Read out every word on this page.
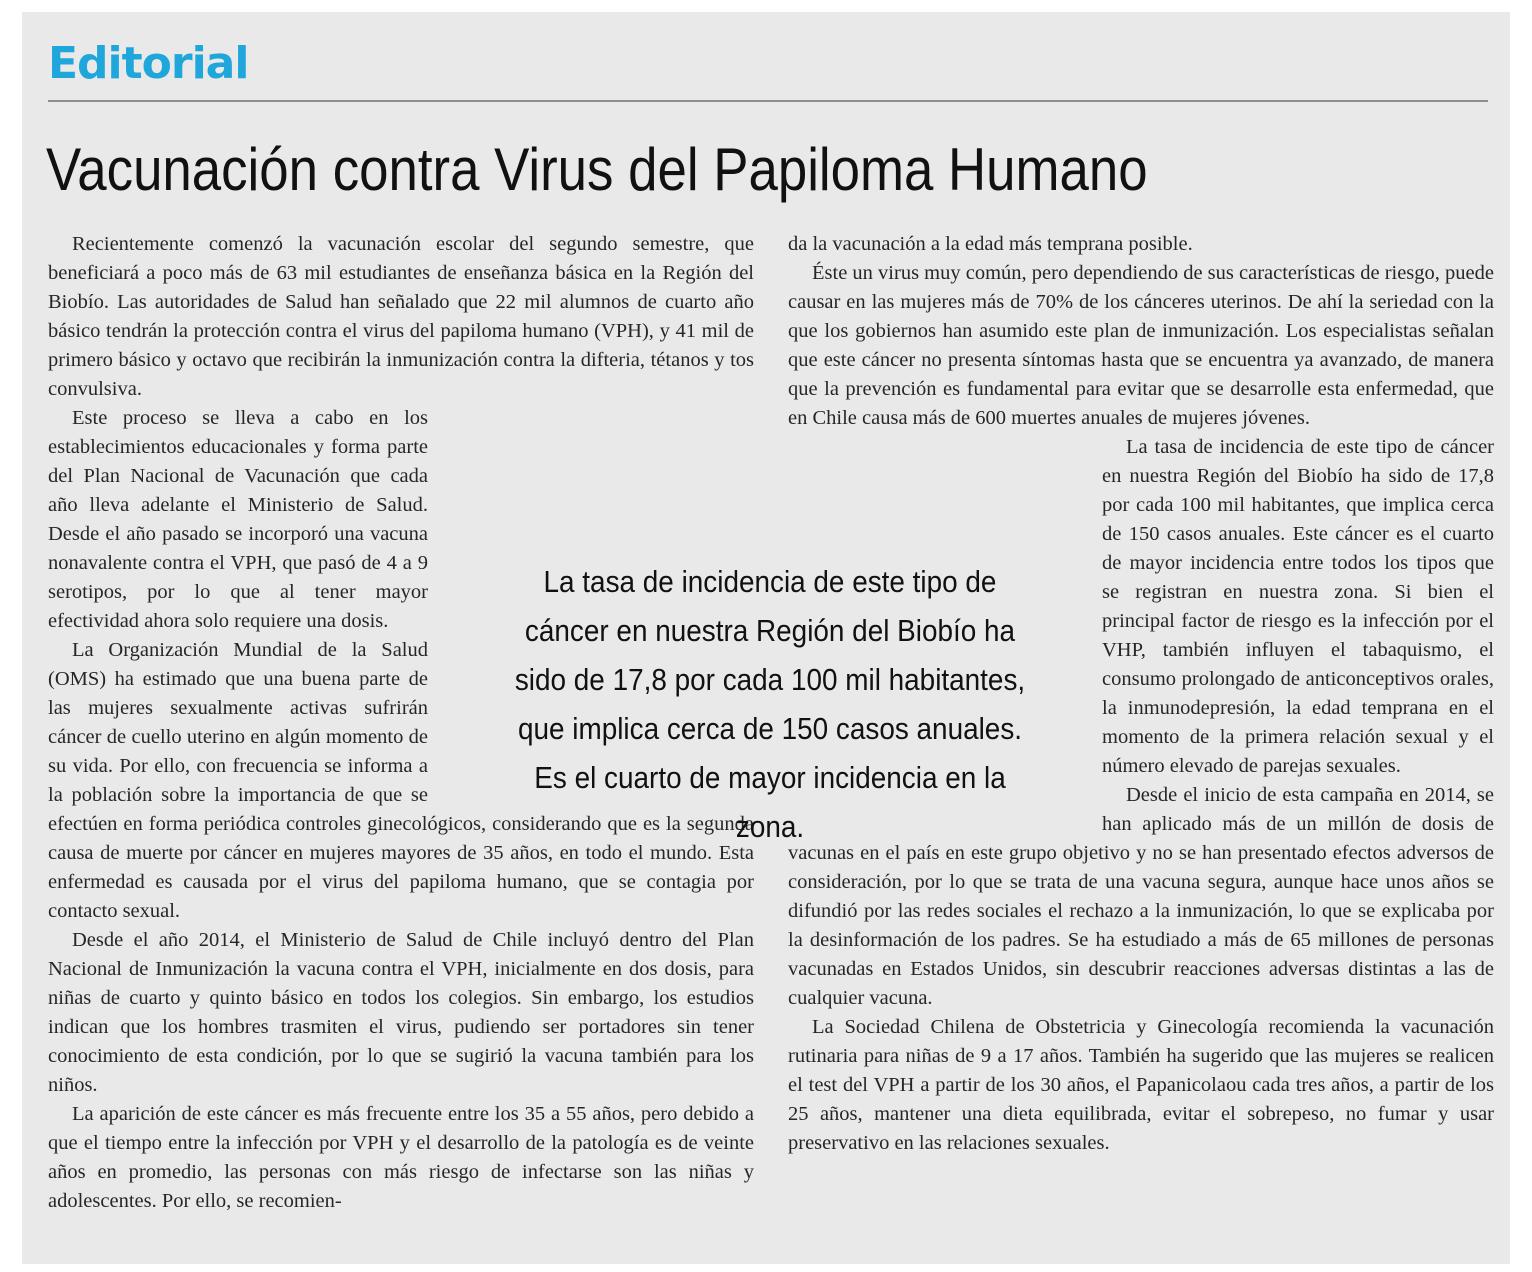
Editorial
Vacunación contra Virus del Papiloma Humano

Recientemente comenzó la vacunación escolar del segundo semestre, que beneficiará a poco más de 63 mil estudiantes de enseñanza básica en la Región del Biobío. Las autoridades de Salud han señalado que 22 mil alumnos de cuarto año básico tendrán la protección contra el virus del papiloma humano (VPH), y 41 mil de primero básico y octavo que recibirán la inmunización contra la difteria, tétanos y tos convulsiva.

Este proceso se lleva a cabo en los establecimientos educacionales y forma parte del Plan Nacional de Vacunación que cada año lleva adelante el Ministerio de Salud. Desde el año pasado se incorporó una vacuna nonavalente contra el VPH, que pasó de 4 a 9 serotipos, por lo que al tener mayor efectividad ahora solo requiere una dosis.

La Organización Mundial de la Salud (OMS) ha estimado que una buena parte de las mujeres sexualmente activas sufrirán cáncer de cuello uterino en algún momento de su vida. Por ello, con frecuencia se informa a la población sobre la importancia de que se efectúen en forma periódica controles ginecológicos, considerando que es la segunda causa de muerte por cáncer en mujeres mayores de 35 años, en todo el mundo. Esta enfermedad es causada por el virus del papiloma humano, que se contagia por contacto sexual.

Desde el año 2014, el Ministerio de Salud de Chile incluyó dentro del Plan Nacional de Inmunización la vacuna contra el VPH, inicialmente en dos dosis, para niñas de cuarto y quinto básico en todos los colegios. Sin embargo, los estudios indican que los hombres trasmiten el virus, pudiendo ser portadores sin tener conocimiento de esta condición, por lo que se sugirió la vacuna también para los niños.

La aparición de este cáncer es más frecuente entre los 35 a 55 años, pero debido a que el tiempo entre la infección por VPH y el desarrollo de la patología es de veinte años en promedio, las personas con más riesgo de infectarse son las niñas y adolescentes. Por ello, se recomien-

da la vacunación a la edad más temprana posible.

Éste un virus muy común, pero dependiendo de sus características de riesgo, puede causar en las mujeres más de 70% de los cánceres uterinos. De ahí la seriedad con la que los gobiernos han asumido este plan de inmunización. Los especialistas señalan que este cáncer no presenta síntomas hasta que se encuentra ya avanzado, de manera que la prevención es fundamental para evitar que se desarrolle esta enfermedad, que en Chile causa más de 600 muertes anuales de mujeres jóvenes.

La tasa de incidencia de este tipo de cáncer en nuestra Región del Biobío ha sido de 17,8 por cada 100 mil habitantes, que implica cerca de 150 casos anuales. Este cáncer es el cuarto de mayor incidencia entre todos los tipos que se registran en nuestra zona. Si bien el principal factor de riesgo es la infección por el VHP, también influyen el tabaquismo, el consumo prolongado de anticonceptivos orales, la inmunodepresión, la edad temprana en el momento de la primera relación sexual y el número elevado de parejas sexuales.

Desde el inicio de esta campaña en 2014, se han aplicado más de un millón de dosis de vacunas en el país en este grupo objetivo y no se han presentado efectos adversos de consideración, por lo que se trata de una vacuna segura, aunque hace unos años se difundió por las redes sociales el rechazo a la inmunización, lo que se explicaba por la desinformación de los padres. Se ha estudiado a más de 65 millones de personas vacunadas en Estados Unidos, sin descubrir reacciones adversas distintas a las de cualquier vacuna.

La Sociedad Chilena de Obstetricia y Ginecología recomienda la vacunación rutinaria para niñas de 9 a 17 años. También ha sugerido que las mujeres se realicen el test del VPH a partir de los 30 años, el Papanicolaou cada tres años, a partir de los 25 años, mantener una dieta equilibrada, evitar el sobrepeso, no fumar y usar preservativo en las relaciones sexuales.

La tasa de incidencia de este tipo de cáncer en nuestra Región del Biobío ha sido de 17,8 por cada 100 mil habitantes, que implica cerca de 150 casos anuales. Es el cuarto de mayor incidencia en la zona.
